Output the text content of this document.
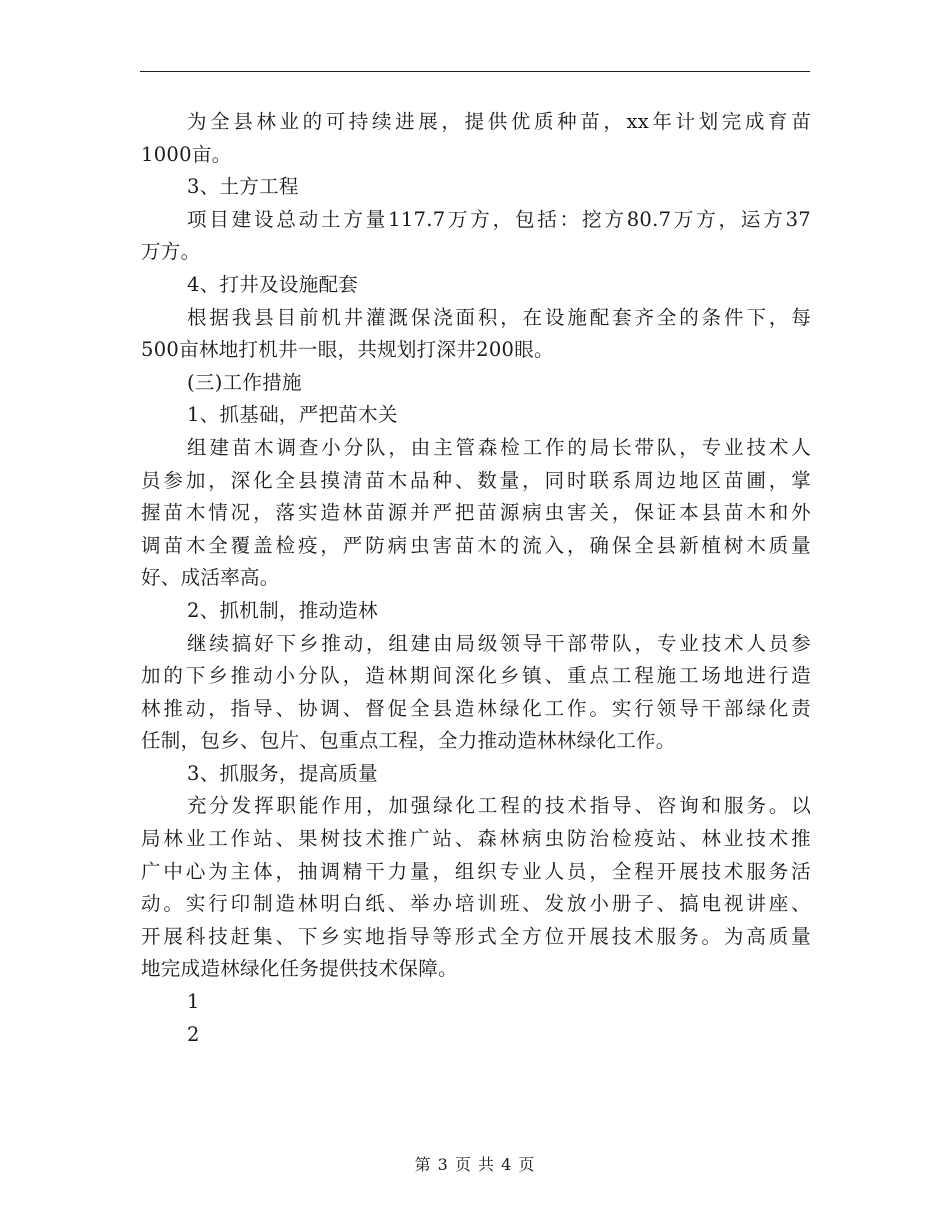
为全县林业的可持续进展，提供优质种苗，xx年计划完成育苗
1000亩。
3、土方工程
项目建设总动土方量117.7万方，包括：挖方80.7万方，运方37
万方。
4、打井及设施配套
根据我县目前机井灌溉保浇面积，在设施配套齐全的条件下，每
500亩林地打机井一眼，共规划打深井200眼。
(三)工作措施
1、抓基础，严把苗木关
组建苗木调查小分队，由主管森检工作的局长带队，专业技术人
员参加，深化全县摸清苗木品种、数量，同时联系周边地区苗圃，掌
握苗木情况，落实造林苗源并严把苗源病虫害关，保证本县苗木和外
调苗木全覆盖检疫，严防病虫害苗木的流入，确保全县新植树木质量
好、成活率高。
2、抓机制，推动造林
继续搞好下乡推动，组建由局级领导干部带队，专业技术人员参
加的下乡推动小分队，造林期间深化乡镇、重点工程施工场地进行造
林推动，指导、协调、督促全县造林绿化工作。实行领导干部绿化责
任制，包乡、包片、包重点工程，全力推动造林林绿化工作。
3、抓服务，提高质量
充分发挥职能作用，加强绿化工程的技术指导、咨询和服务。以
局林业工作站、果树技术推广站、森林病虫防治检疫站、林业技术推
广中心为主体，抽调精干力量，组织专业人员，全程开展技术服务活
动。实行印制造林明白纸、举办培训班、发放小册子、搞电视讲座、
开展科技赶集、下乡实地指导等形式全方位开展技术服务。为高质量
地完成造林绿化任务提供技术保障。
1
2
第 3 页 共 4 页
